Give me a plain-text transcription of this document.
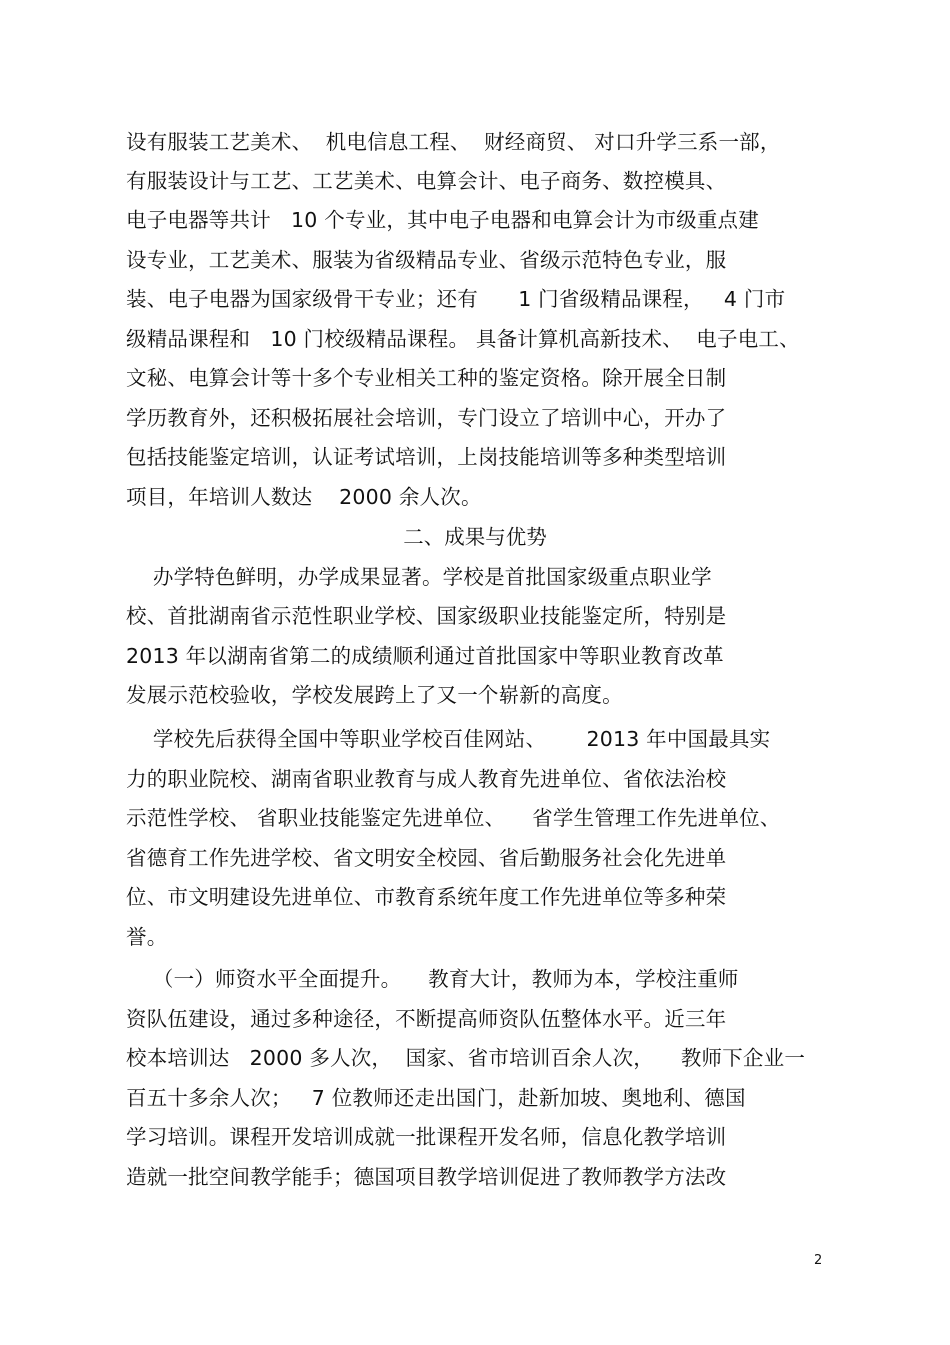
设有服装工艺美术、  机电信息工程、  财经商贸、 对口升学三系一部，
有服装设计与工艺、工艺美术、电算会计、电子商务、数控模具、
电子电器等共计   10 个专业，其中电子电器和电算会计为市级重点建
设专业，工艺美术、服装为省级精品专业、省级示范特色专业，服
装、电子电器为国家级骨干专业；还有      1 门省级精品课程，   4 门市
级精品课程和   10 门校级精品课程。 具备计算机高新技术、  电子电工、
文秘、电算会计等十多个专业相关工种的鉴定资格。除开展全日制
学历教育外，还积极拓展社会培训，专门设立了培训中心，开办了
包括技能鉴定培训，认证考试培训，上岗技能培训等多种类型培训
项目，年培训人数达    2000 余人次。
二、成果与优势
办学特色鲜明，办学成果显著。学校是首批国家级重点职业学
校、首批湖南省示范性职业学校、国家级职业技能鉴定所，特别是
2013 年以湖南省第二的成绩顺利通过首批国家中等职业教育改革
发展示范校验收，学校发展跨上了又一个崭新的高度。
学校先后获得全国中等职业学校百佳网站、      2013 年中国最具实
力的职业院校、湖南省职业教育与成人教育先进单位、省依法治校
示范性学校、 省职业技能鉴定先进单位、    省学生管理工作先进单位、
省德育工作先进学校、省文明安全校园、省后勤服务社会化先进单
位、市文明建设先进单位、市教育系统年度工作先进单位等多种荣
誉。
（一）师资水平全面提升。    教育大计，教师为本，学校注重师
资队伍建设，通过多种途径，不断提高师资队伍整体水平。近三年
校本培训达   2000 多人次，  国家、省市培训百余人次，    教师下企业一
百五十多余人次；   7 位教师还走出国门，赴新加坡、奥地利、德国
学习培训。课程开发培训成就一批课程开发名师，信息化教学培训
造就一批空间教学能手；德国项目教学培训促进了教师教学方法改
2
